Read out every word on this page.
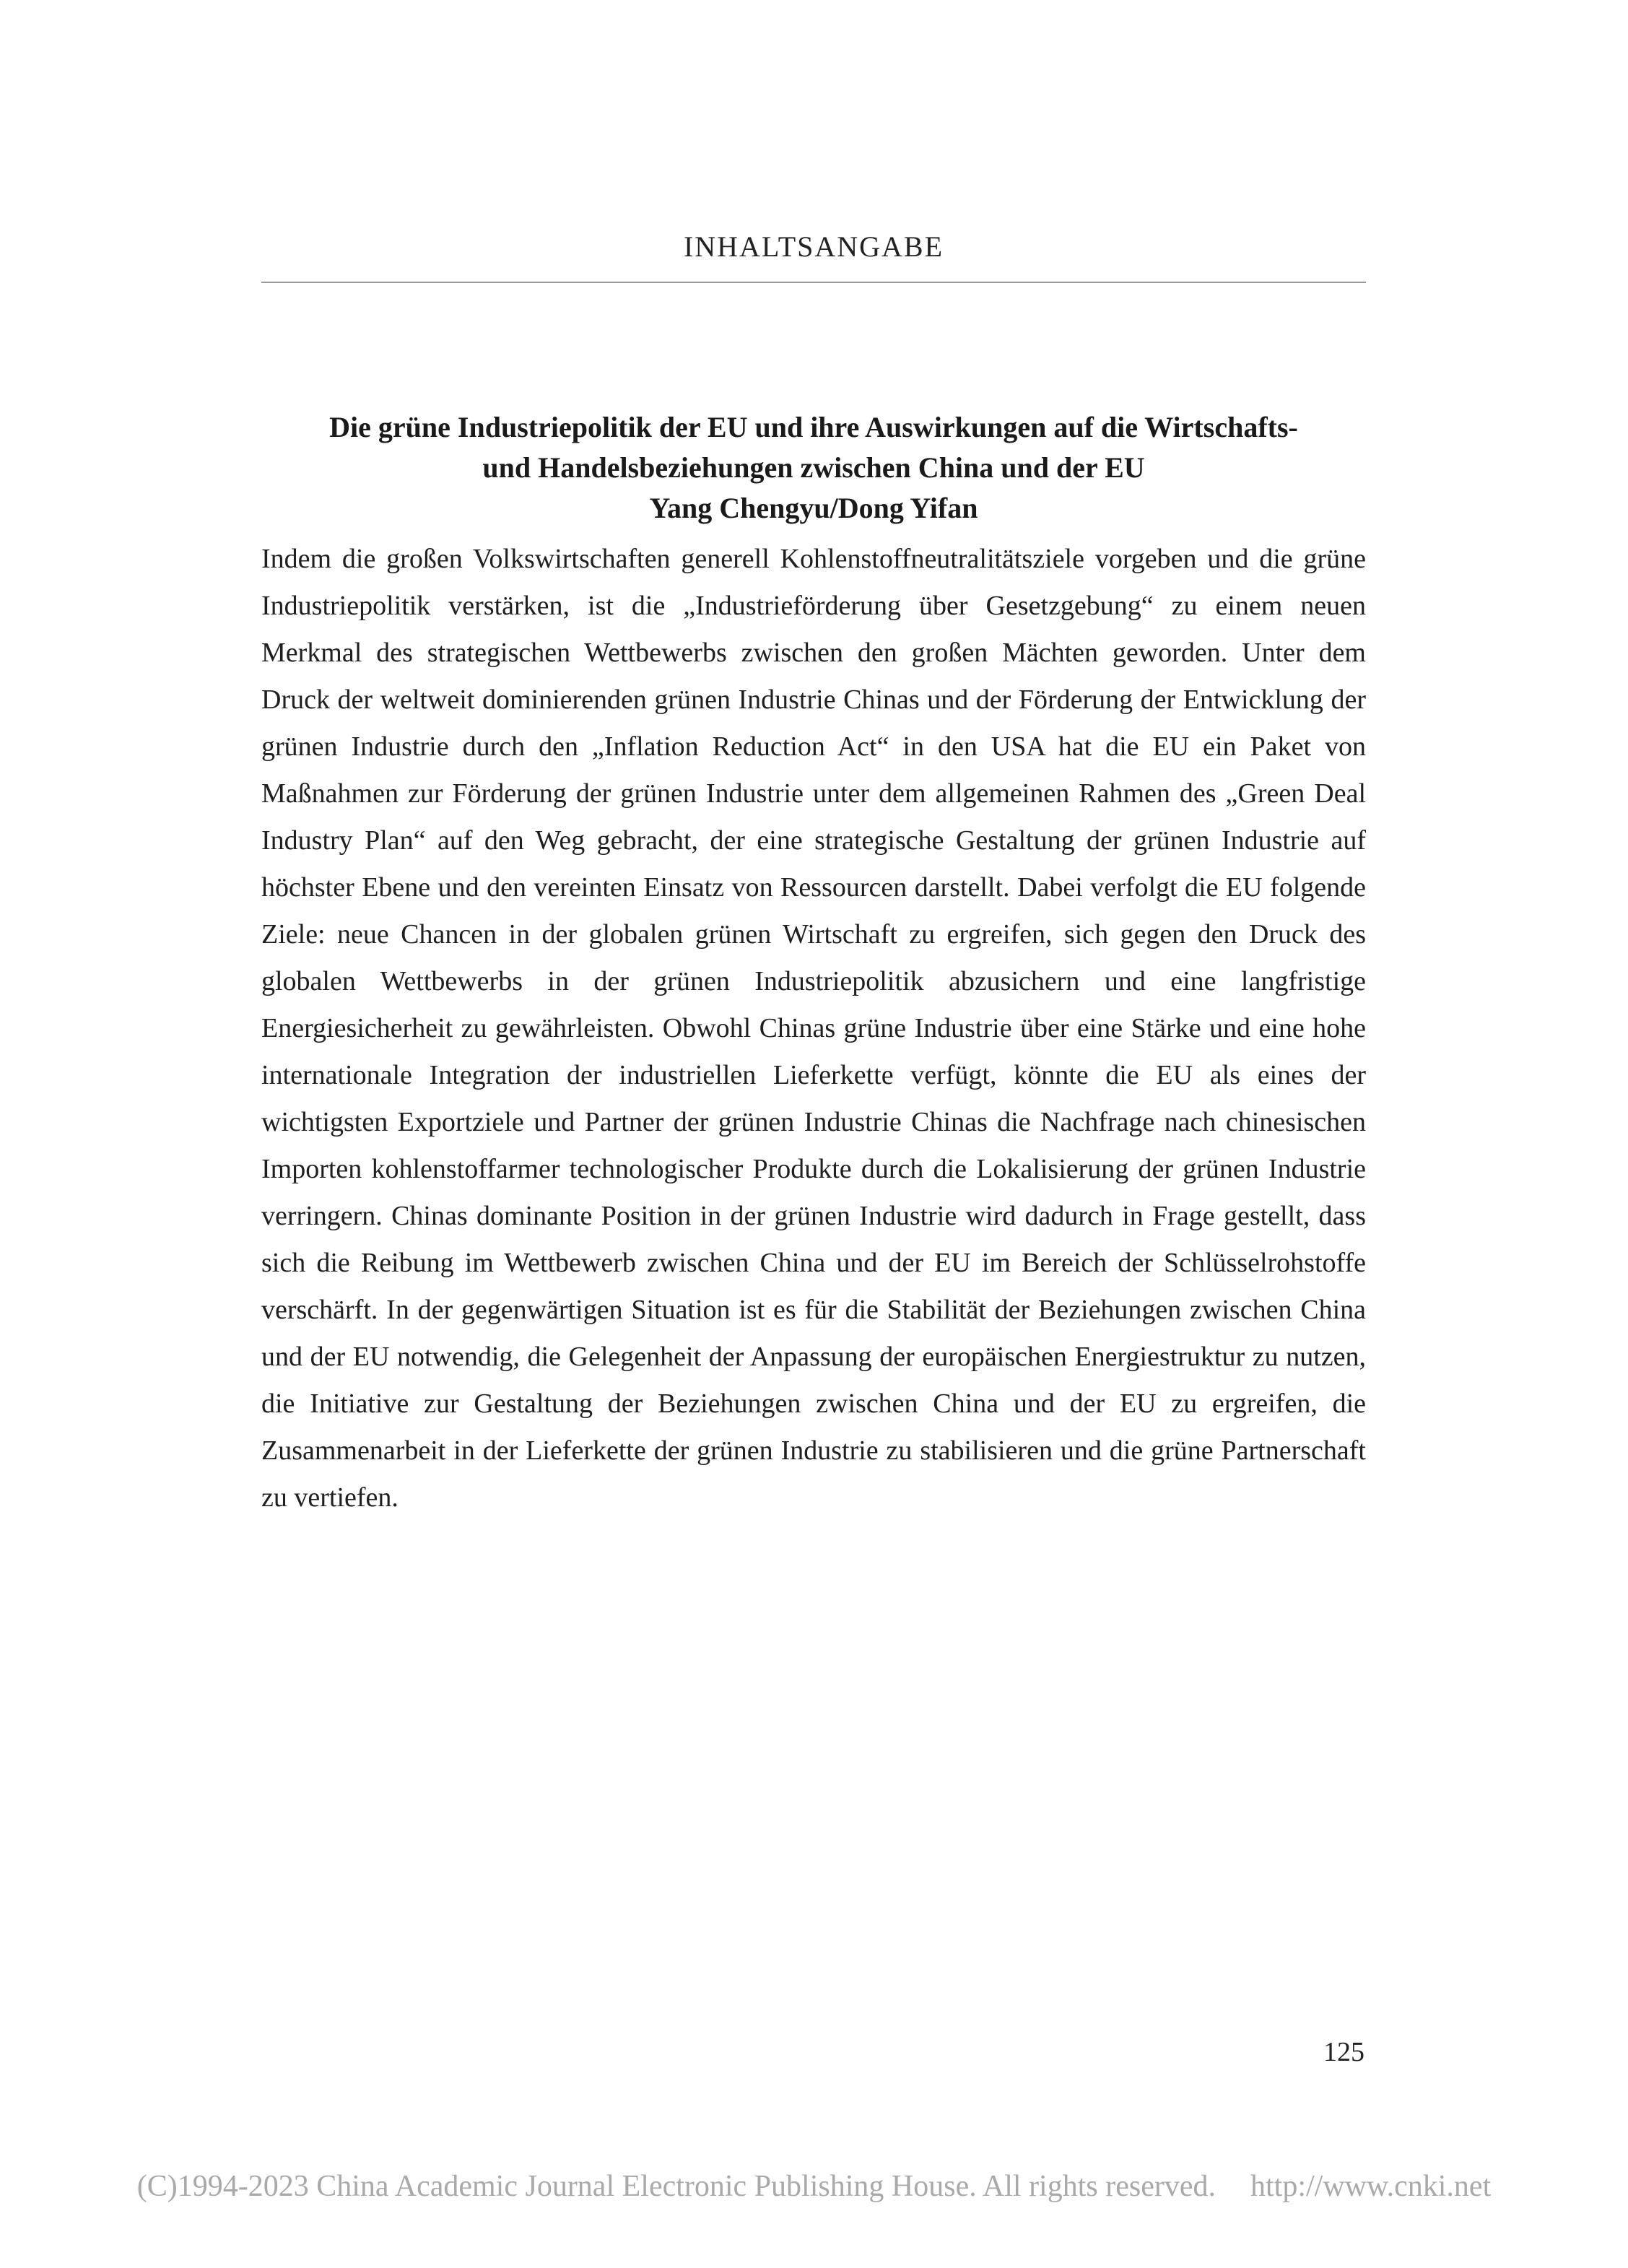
INHALTSANGABE
Die grüne Industriepolitik der EU und ihre Auswirkungen auf die Wirtschafts-
und Handelsbeziehungen zwischen China und der EU

Yang Chengyu/Dong Yifan

Indem die großen Volkswirtschaften generell Kohlenstoffneutralitätsziele vorgeben und die grüne Industriepolitik verstärken, ist die „Industrieförderung über Gesetzgebung“ zu einem neuen Merkmal des strategischen Wettbewerbs zwischen den großen Mächten geworden. Unter dem Druck der weltweit dominierenden grünen Industrie Chinas und der Förderung der Entwicklung der grünen Industrie durch den „Inflation Reduction Act“ in den USA hat die EU ein Paket von Maßnahmen zur Förderung der grünen Industrie unter dem allgemeinen Rahmen des „Green Deal Industry Plan“ auf den Weg gebracht, der eine strategische Gestaltung der grünen Industrie auf höchster Ebene und den vereinten Einsatz von Ressourcen darstellt. Dabei verfolgt die EU folgende Ziele: neue Chancen in der globalen grünen Wirtschaft zu ergreifen, sich gegen den Druck des globalen Wettbewerbs in der grünen Industriepolitik abzusichern und eine langfristige Energiesicherheit zu gewährleisten. Obwohl Chinas grüne Industrie über eine Stärke und eine hohe internationale Integration der industriellen Lieferkette verfügt, könnte die EU als eines der wichtigsten Exportziele und Partner der grünen Industrie Chinas die Nachfrage nach chinesischen Importen kohlenstoffarmer technologischer Produkte durch die Lokalisierung der grünen Industrie verringern. Chinas dominante Position in der grünen Industrie wird dadurch in Frage gestellt, dass sich die Reibung im Wettbewerb zwischen China und der EU im Bereich der Schlüsselrohstoffe verschärft. In der gegenwärtigen Situation ist es für die Stabilität der Beziehungen zwischen China und der EU notwendig, die Gelegenheit der Anpassung der europäischen Energiestruktur zu nutzen, die Initiative zur Gestaltung der Beziehungen zwischen China und der EU zu ergreifen, die Zusammenarbeit in der Lieferkette der grünen Industrie zu stabilisieren und die grüne Partnerschaft zu vertiefen.

125
(C)1994-2023 China Academic Journal Electronic Publishing House. All rights reserved. http://www.cnki.net
